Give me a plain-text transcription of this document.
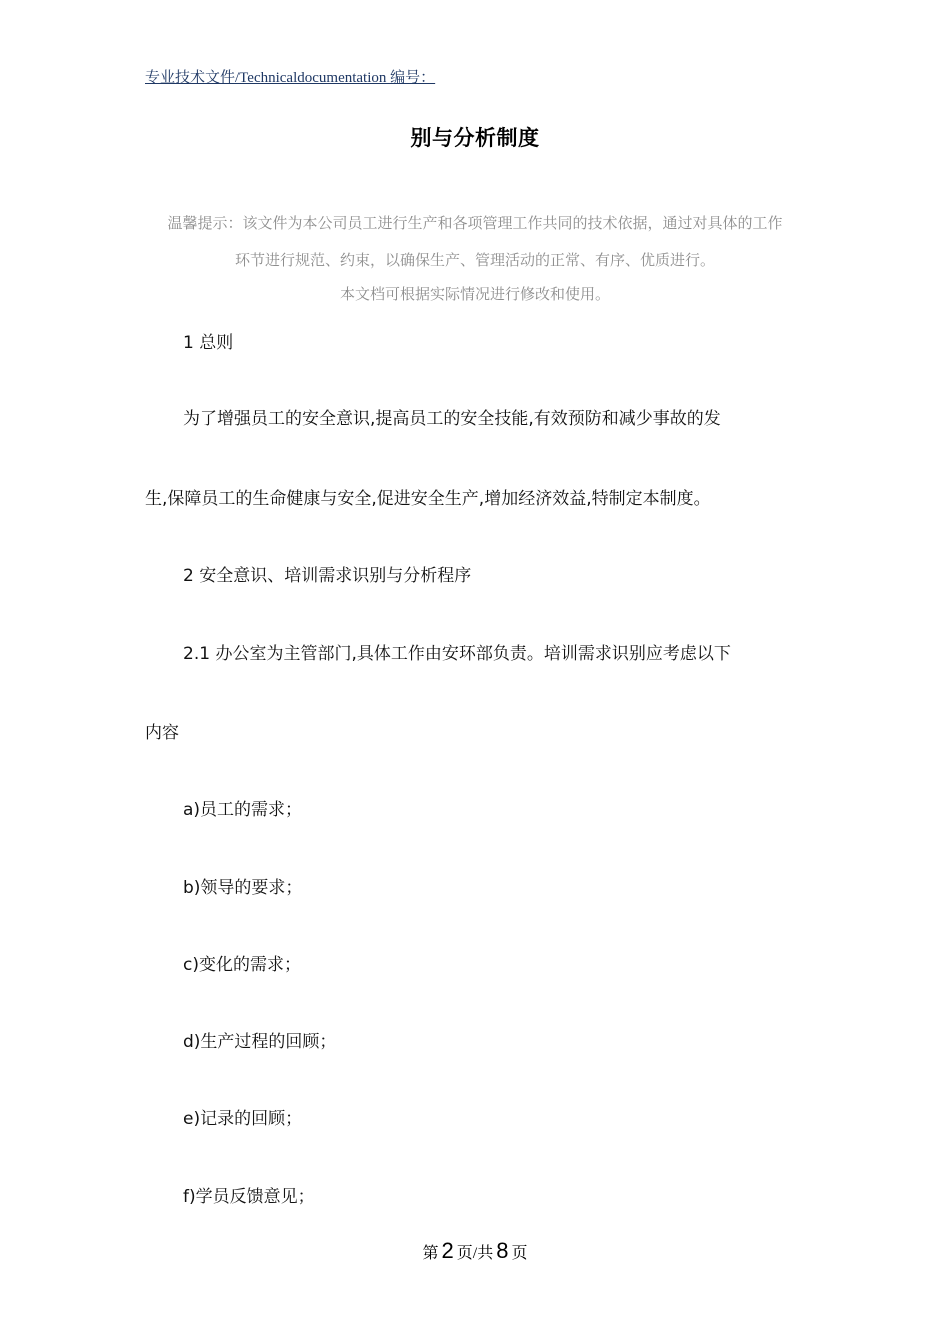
专业技术文件/Technicaldocumentation 编号：
别与分析制度
温馨提示：该文件为本公司员工进行生产和各项管理工作共同的技术依据，通过对具体的工作
环节进行规范、约束，以确保生产、管理活动的正常、有序、优质进行。
本文档可根据实际情况进行修改和使用。
1 总则
为了增强员工的安全意识,提高员工的安全技能,有效预防和减少事故的发
生,保障员工的生命健康与安全,促进安全生产,增加经济效益,特制定本制度。
2 安全意识、培训需求识别与分析程序
2.1 办公室为主管部门,具体工作由安环部负责。培训需求识别应考虑以下
内容
a)员工的需求；
b)领导的要求；
c)变化的需求；
d)生产过程的回顾；
e)记录的回顾；
f)学员反馈意见；
第 2 页/共 8 页
